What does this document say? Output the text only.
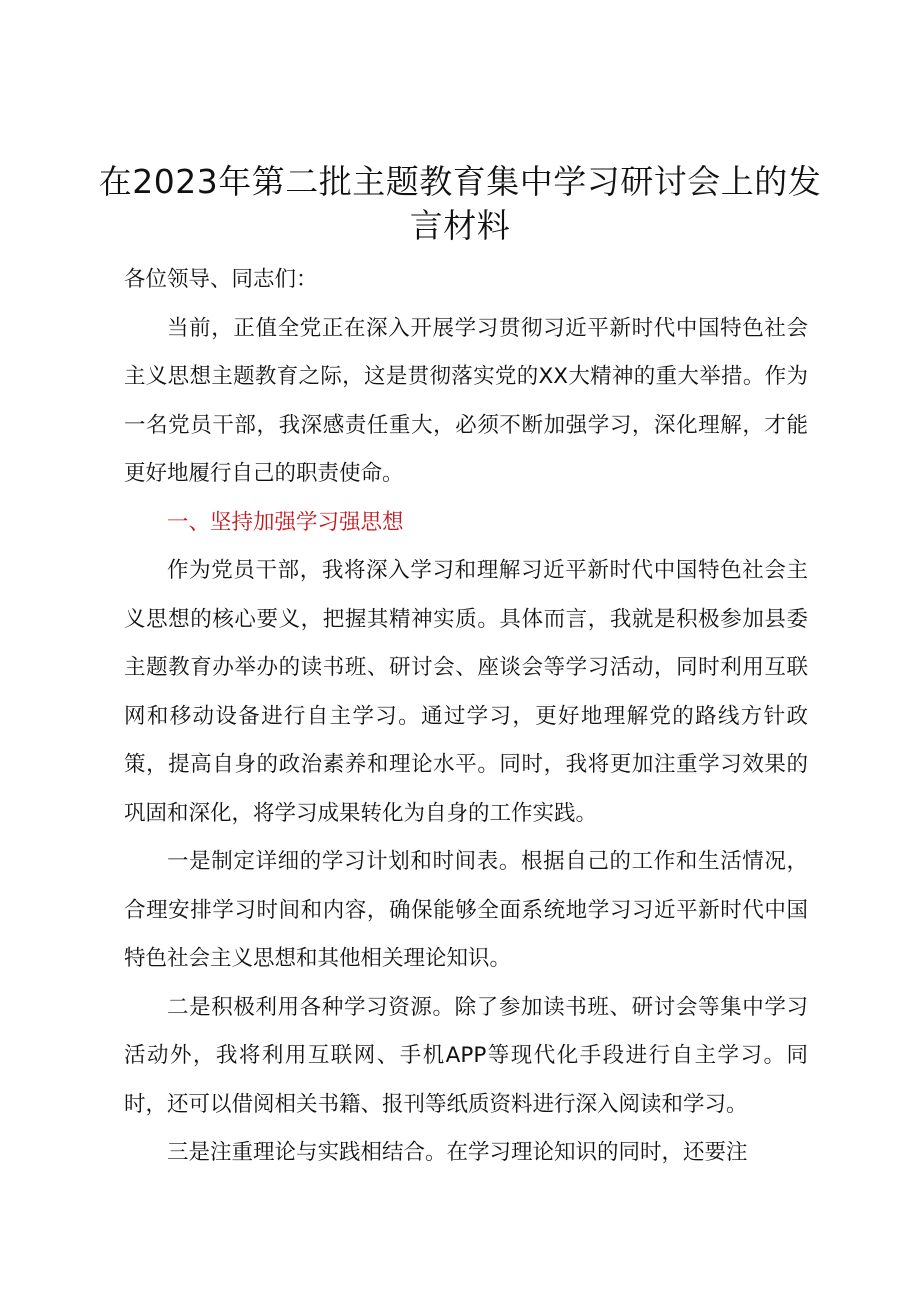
在2023年第二批主题教育集中学习研讨会上的发言材料

各位领导、同志们：

当前，正值全党正在深入开展学习贯彻习近平新时代中国特色社会主义思想主题教育之际，这是贯彻落实党的XX大精神的重大举措。作为一名党员干部，我深感责任重大，必须不断加强学习，深化理解，才能更好地履行自己的职责使命。

一、坚持加强学习强思想

作为党员干部，我将深入学习和理解习近平新时代中国特色社会主义思想的核心要义，把握其精神实质。具体而言，我就是积极参加县委主题教育办举办的读书班、研讨会、座谈会等学习活动，同时利用互联网和移动设备进行自主学习。通过学习，更好地理解党的路线方针政策，提高自身的政治素养和理论水平。同时，我将更加注重学习效果的巩固和深化，将学习成果转化为自身的工作实践。

一是制定详细的学习计划和时间表。根据自己的工作和生活情况，合理安排学习时间和内容，确保能够全面系统地学习习近平新时代中国特色社会主义思想和其他相关理论知识。

二是积极利用各种学习资源。除了参加读书班、研讨会等集中学习活动外，我将利用互联网、手机APP等现代化手段进行自主学习。同时，还可以借阅相关书籍、报刊等纸质资料进行深入阅读和学习。

三是注重理论与实践相结合。在学习理论知识的同时，还要注
